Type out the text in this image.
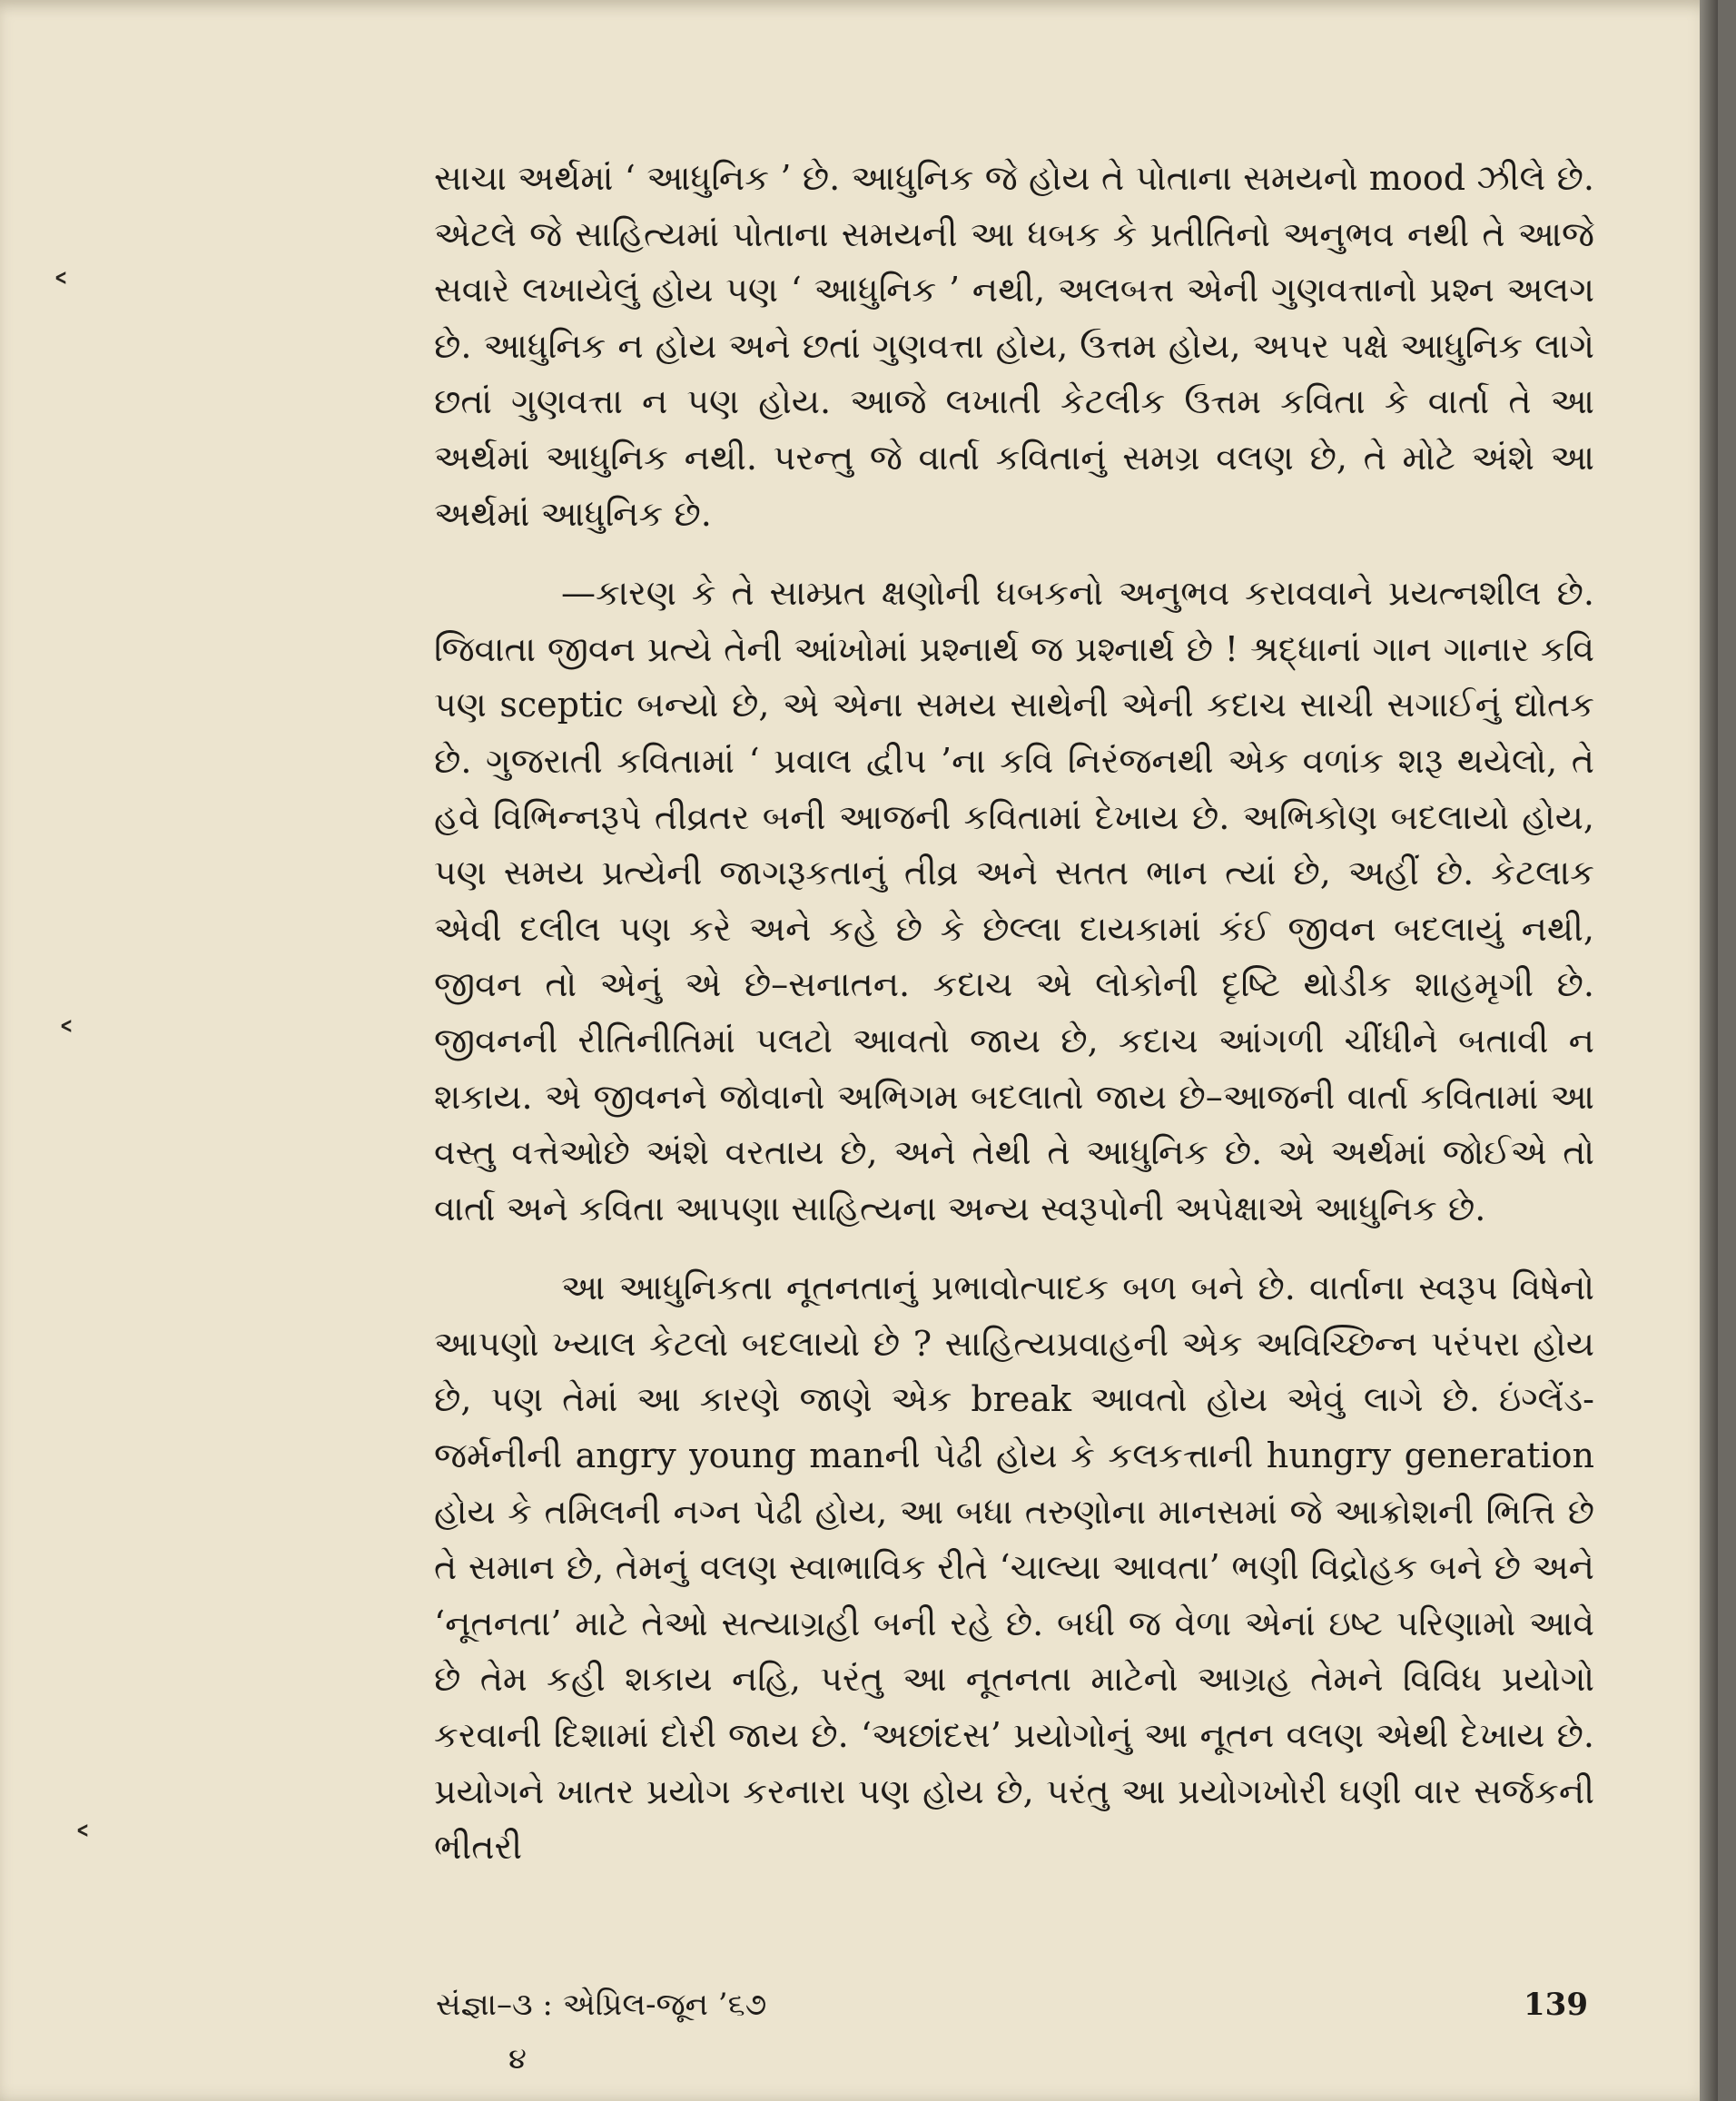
˂
˂
˂

સાચા અર્થમાં ‘ આધુનિક ’ છે. આધુનિક જે હોય તે પોતાના સમયનો mood ઝીલે છે. એટલે જે સાહિત્યમાં પોતાના સમયની આ ધબક કે પ્રતીતિનો અનુભવ નથી તે આજે સવારે લખાયેલું હોય પણ ‘ આધુનિક ’ નથી, અલબત્ત એની ગુણવત્તાનો પ્રશ્ન અલગ છે. આધુનિક ન હોય અને છતાં ગુણવત્તા હોય, ઉત્તમ હોય, અપર પક્ષે આધુનિક લાગે છતાં ગુણવત્તા ન પણ હોય. આજે લખાતી કેટલીક ઉત્તમ કવિતા કે વાર્તા તે આ અર્થમાં આધુનિક નથી. પરન્તુ જે વાર્તા કવિતાનું સમગ્ર વલણ છે, તે મોટે અંશે આ અર્થમાં આધુનિક છે.

—કારણ કે તે સામ્પ્રત ક્ષણોની ધબકનો અનુભવ કરાવવાને પ્રયત્નશીલ છે. જિવાતા જીવન પ્રત્યે તેની આંખોમાં પ્રશ્નાર્થ જ પ્રશ્નાર્થ છે ! શ્રદ્ધાનાં ગાન ગાનાર કવિ પણ sceptic બન્યો છે, એ એના સમય સાથેની એની કદાચ સાચી સગાઈનું દ્યોતક છે. ગુજરાતી કવિતામાં ‘ પ્રવાલ દ્વીપ ’ના કવિ નિરંજનથી એક વળાંક શરૂ થયેલો, તે હવે વિભિન્નરૂપે તીવ્રતર બની આજની કવિતામાં દેખાય છે. અભિકોણ બદલાયો હોય, પણ સમય પ્રત્યેની જાગરૂકતાનું તીવ્ર અને સતત ભાન ત્યાં છે, અહીં છે. કેટલાક એવી દલીલ પણ કરે અને કહે છે કે છેલ્લા દાયકામાં કંઈ જીવન બદલાયું નથી, જીવન તો એનું એ છે–સનાતન. કદાચ એ લોકોની દૃષ્ટિ થોડીક શાહમૃગી છે. જીવનની રીતિનીતિમાં પલટો આવતો જાય છે, કદાચ આંગળી ચીંધીને બતાવી ન શકાય. એ જીવનને જોવાનો અભિગમ બદલાતો જાય છે–આજની વાર્તા કવિતામાં આ વસ્તુ વત્તેઓછે અંશે વરતાય છે, અને તેથી તે આધુનિક છે. એ અર્થમાં જોઈએ તો વાર્તા અને કવિતા આપણા સાહિત્યના અન્ય સ્વરૂપોની અપેક્ષાએ આધુનિક છે.

આ આધુનિકતા નૂતનતાનું પ્રભાવોત્પાદક બળ બને છે. વાર્તાના સ્વરૂપ વિષેનો આપણો ખ્યાલ કેટલો બદલાયો છે ? સાહિત્યપ્રવાહની એક અવિચ્છિન્ન પરંપરા હોય છે, પણ તેમાં આ કારણે જાણે એક break આવતો હોય એવું લાગે છે. ઇંગ્લેંડ-જર્મનીની angry young manની પેઢી હોય કે કલકત્તાની hungry generation હોય કે તમિલની નગ્ન પેઢી હોય, આ બધા તરુણોના માનસમાં જે આક્રોશની ભિત્તિ છે તે સમાન છે, તેમનું વલણ સ્વાભાવિક રીતે ‘ચાલ્યા આવતા’ ભણી વિદ્રોહક બને છે અને ‘નૂતનતા’ માટે તેઓ સત્યાગ્રહી બની રહે છે. બધી જ વેળા એનાં ઇષ્ટ પરિણામો આવે છે તેમ કહી શકાય નહિ, પરંતુ આ નૂતનતા માટેનો આગ્રહ તેમને વિવિધ પ્રયોગો કરવાની દિશામાં દોરી જાય છે. ‘અછાંદસ’ પ્રયોગોનું આ નૂતન વલણ એથી દેખાય છે. પ્રયોગને ખાતર પ્રયોગ કરનારા પણ હોય છે, પરંતુ આ પ્રયોગખોરી ઘણી વાર સર્જકની ભીતરી

સંજ્ઞા–૩ : એપ્રિલ-જૂન ’૬૭	139
૪
